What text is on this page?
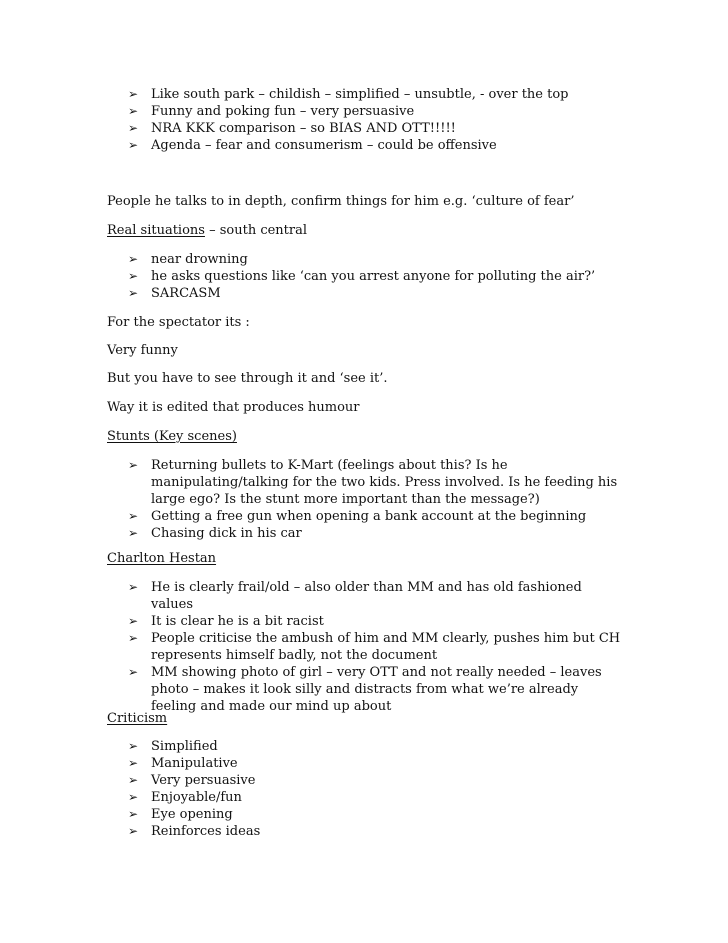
➢ Like south park – childish – simplified – unsubtle, - over the top
➢ Funny and poking fun – very persuasive
➢ NRA KKK comparison – so BIAS AND OTT!!!!!
➢ Agenda – fear and consumerism – could be offensive
People he talks to in depth, confirm things for him e.g. ‘culture of fear’
Real situations – south central
➢ near drowning
➢ he asks questions like ‘can you arrest anyone for polluting the air?’
➢ SARCASM
For the spectator its :
Very funny
But you have to see through it and ‘see it’.
Way it is edited that produces humour
Stunts (Key scenes)
➢ Returning bullets to K-Mart (feelings about this? Is he manipulating/talking for the two kids. Press involved. Is he feeding his large ego? Is the stunt more important than the message?)
➢ Getting a free gun when opening a bank account at the beginning
➢ Chasing dick in his car
Charlton Hestan
➢ He is clearly frail/old – also older than MM and has old fashioned values
➢ It is clear he is a bit racist
➢ People criticise the ambush of him and MM clearly, pushes him but CH represents himself badly, not the document
➢ MM showing photo of girl – very OTT and not really needed – leaves photo – makes it look silly and distracts from what we’re already feeling and made our mind up about
Criticism
➢ Simplified
➢ Manipulative
➢ Very persuasive
➢ Enjoyable/fun
➢ Eye opening
➢ Reinforces ideas
